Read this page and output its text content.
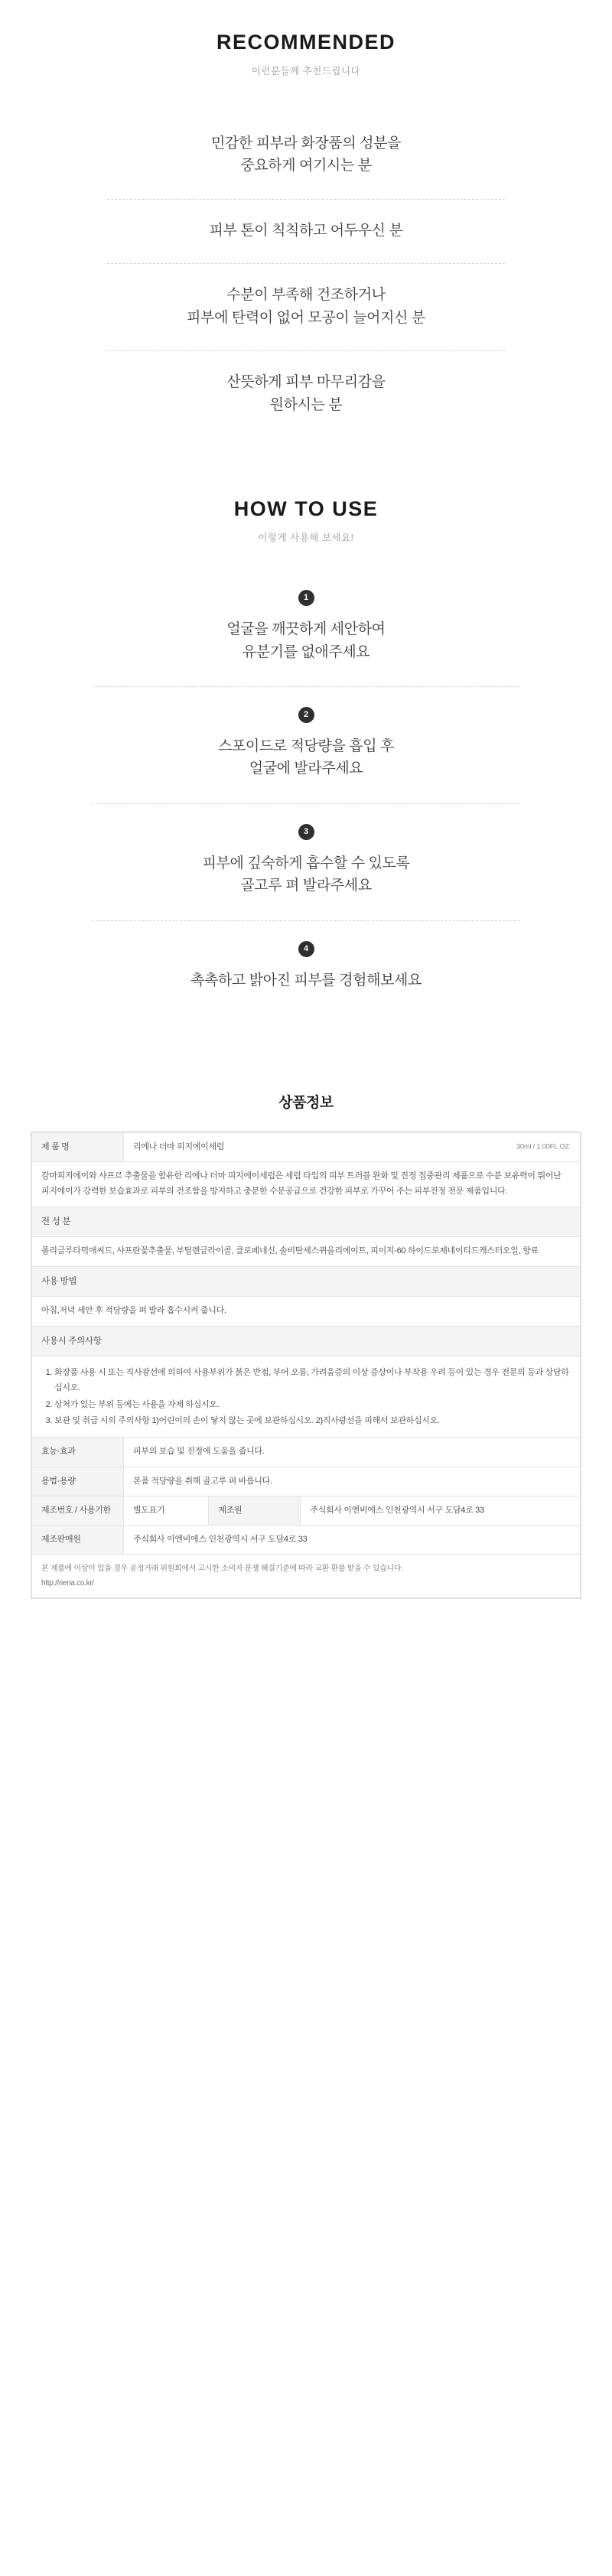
RECOMMENDED

이런분들께 추천드립니다

민감한 피부라 화장품의 성분을
중요하게 여기시는 분
피부 톤이 칙칙하고 어두우신 분
수분이 부족해 건조하거나
피부에 탄력이 없어 모공이 늘어지신 분
산뜻하게 피부 마무리감을
원하시는 분
HOW TO USE

이렇게 사용해 보세요!

1
얼굴을 깨끗하게 세안하여
유분기를 없애주세요
2
스포이드로 적당량을 흡입 후
얼굴에 발라주세요
3
피부에 깊숙하게 흡수할 수 있도록
골고루 펴 발라주세요
4
촉촉하고 밝아진 피부를 경험해보세요
상품정보
제 품 명	리에나 더마 피지에이세럼 30ml / 1.00FL.OZ		

감마피지에이와 샤프르 추출물을 함유한 리에나 더마 피지에이세럼은 세럼 타입의 피부 트러블 완화 및 진정 집중관리 제품으로 수분 보유력이 뛰어난 피지에이가 강력한 보습효과로 피부의 건조함을 방지하고 충분한 수분공급으로 건강한 피부로 가꾸어 주는 피부진정 전문 제품입니다.			
전 성 분			
폴리글루타믹애씨드, 샤프란꽃추출물, 부틸렌글라이콜, 클로페네신, 솔비탄세스퀴올리에이트, 피이지-60 하이드로제네이티드캐스터오일, 향료			
사용 방법			
아침,저녁 세안 후 적당량을 펴 발라 흡수시켜 줍니다.			
사용시 주의사항			

1. 화장품 사용 시 또는 직사광선에 의하여 사용부위가 붉은 반점, 부어 오름, 가려움증의 이상 증상이나 부작용 우려 등이 있는 경우 전문의 등과 상담하십시오.
2. 상처가 있는 부위 등에는 사용을 자제 하십시오.
3. 보관 및 취급 시의 주의사항 1)어린이의 손이 닿지 않는 곳에 보관하십시오. 2)직사광선을 피해서 보관하십시오.

효능·효과	피부의 보습 및 진정에 도움을 줍니다.		
용법·용량	본품 적당량을 취해 골고루 펴 바릅니다.		
제조번호 / 사용기한	별도표기	제조원	주식회사 이엔비에스 인천광역시 서구 도담4로 33
제조판매원	주식회사 이엔비에스 인천광역시 서구 도담4로 33		

본 제품에 이상이 있을 경우 공정거래 위원회에서 고시한 소비자 분쟁 해결기준에 따라 교환 환불 받을 수 있습니다.
http://riena.co.kr/			
